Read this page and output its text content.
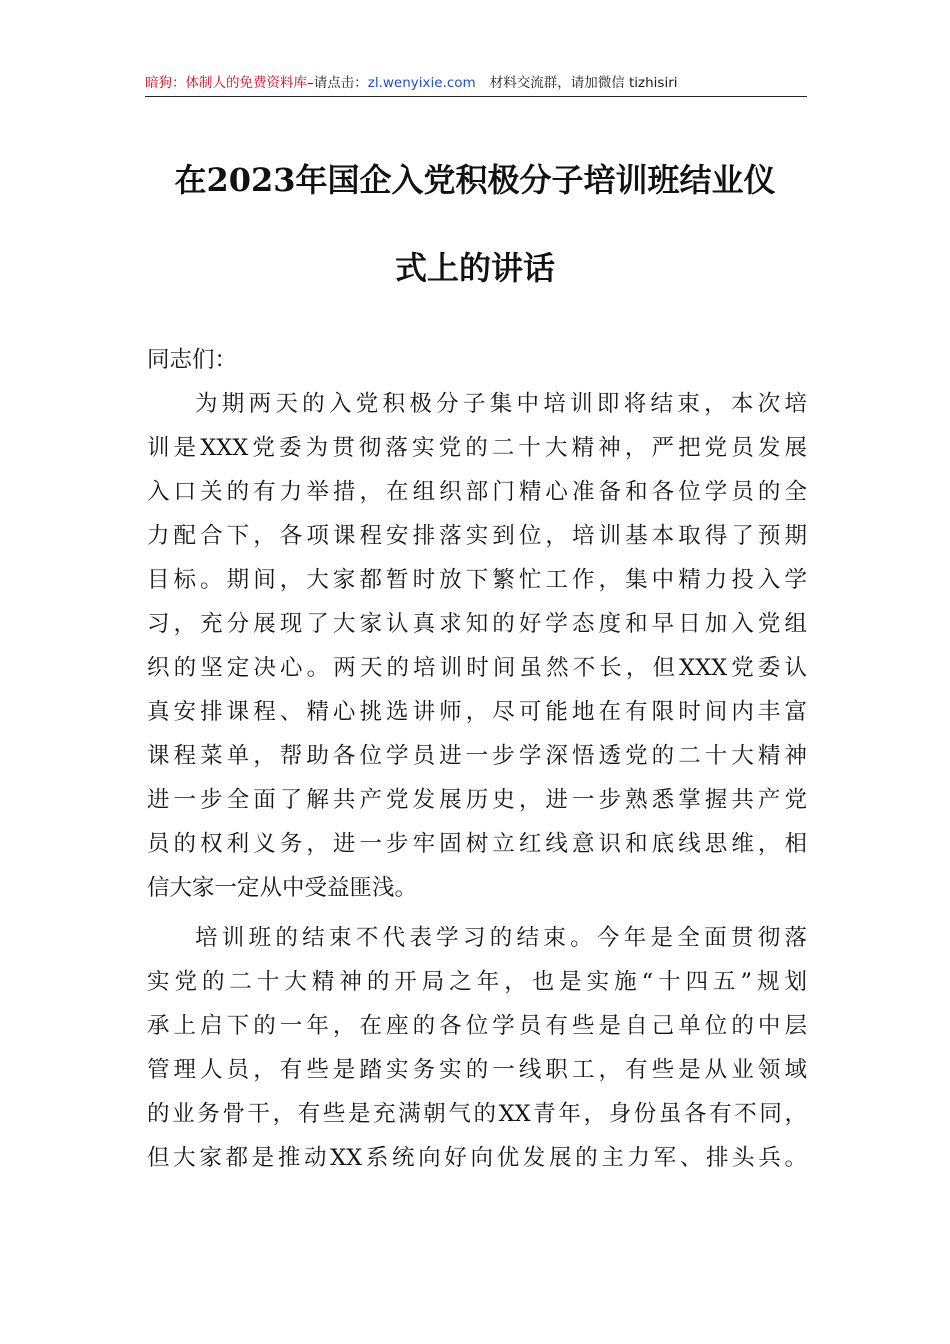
暗狗：体制人的免费资料库–请点击：zl.wenyixie.com 材料交流群，请加微信 tizhisiri
在2023年国企入党积极分子培训班结业仪
式上的讲话
同志们：
为期两天的入党积极分子集中培训即将结束，本次培
训是XXX党委为贯彻落实党的二十大精神，严把党员发展
入口关的有力举措，在组织部门精心准备和各位学员的全
力配合下，各项课程安排落实到位，培训基本取得了预期
目标。期间，大家都暂时放下繁忙工作，集中精力投入学
习，充分展现了大家认真求知的好学态度和早日加入党组
织的坚定决心。两天的培训时间虽然不长，但XXX党委认
真安排课程、精心挑选讲师，尽可能地在有限时间内丰富
课程菜单，帮助各位学员进一步学深悟透党的二十大精神
进一步全面了解共产党发展历史，进一步熟悉掌握共产党
员的权利义务，进一步牢固树立红线意识和底线思维，相
信大家一定从中受益匪浅。
培训班的结束不代表学习的结束。今年是全面贯彻落
实党的二十大精神的开局之年，也是实施“十四五”规划
承上启下的一年，在座的各位学员有些是自己单位的中层
管理人员，有些是踏实务实的一线职工，有些是从业领域
的业务骨干，有些是充满朝气的XX青年，身份虽各有不同，
但大家都是推动XX系统向好向优发展的主力军、排头兵。
